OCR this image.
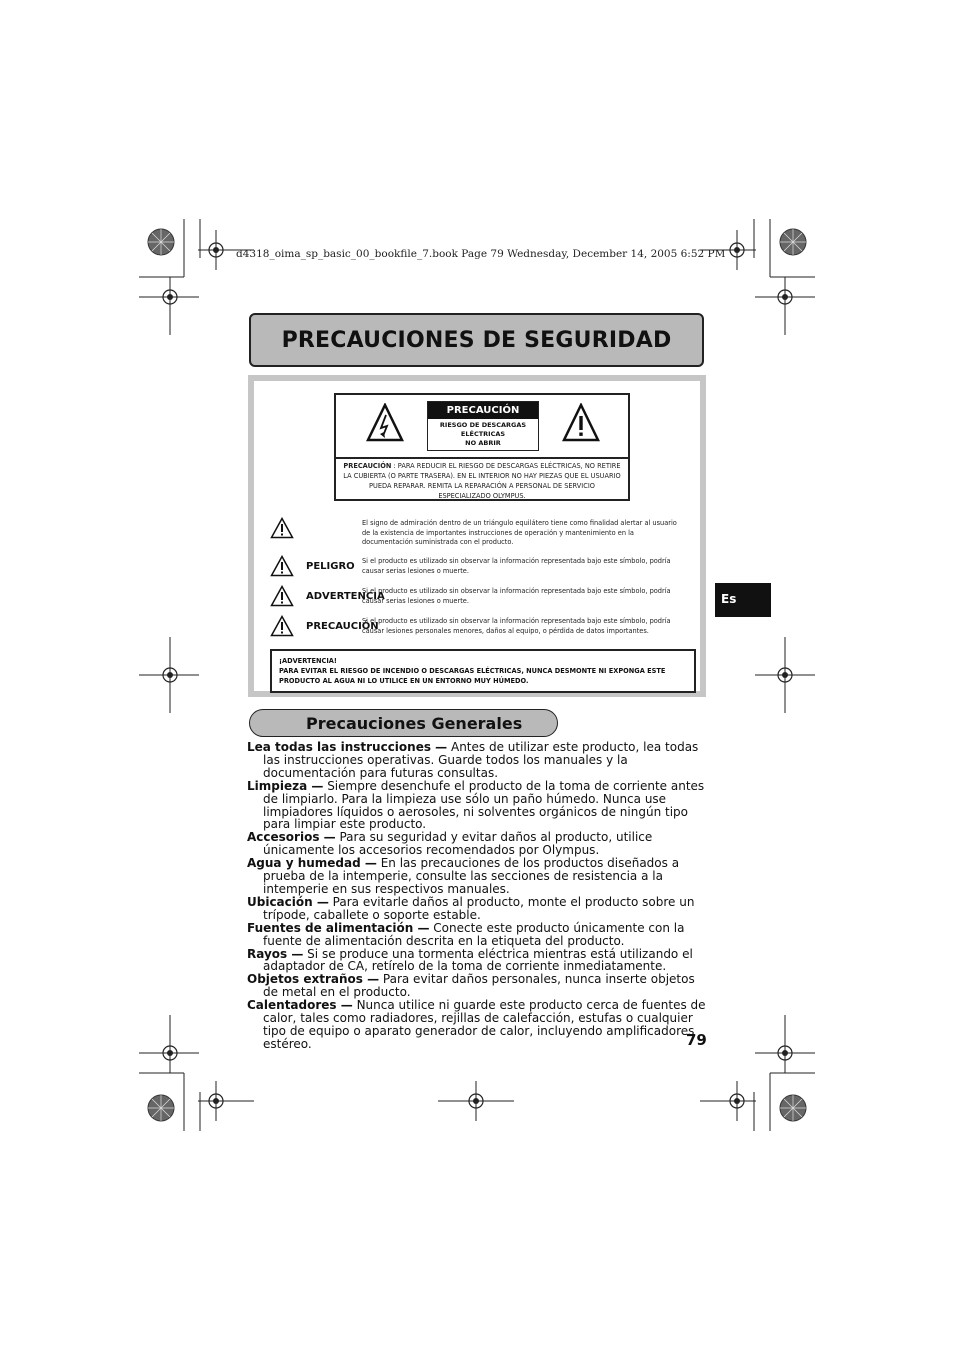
d4318_oima_sp_basic_00_bookfile_7.book Page 79 Wednesday, December 14, 2005 6:52 PM
PRECAUCIONES DE SEGURIDAD
PRECAUCIÓN
RIESGO DE DESCARGAS
ELÉCTRICAS
NO ABRIR
PRECAUCIÓN : PARA REDUCIR EL RIESGO DE DESCARGAS ELÉCTRICAS, NO RETIRE LA CUBIERTA (O PARTE TRASERA). EN EL INTERIOR NO HAY PIEZAS QUE EL USUARIO PUEDA REPARAR. REMITA LA REPARACIÓN A PERSONAL DE SERVICIO ESPECIALIZADO OLYMPUS.
El signo de admiración dentro de un triángulo equilátero tiene como finalidad alertar al usuario de la existencia de importantes instrucciones de operación y mantenimiento en la documentación suministrada con el producto.
PELIGRO Si el producto es utilizado sin observar la información representada bajo este símbolo, podría causar serias lesiones o muerte.
ADVERTENCIA
Si el producto es utilizado sin observar la información representada bajo este símbolo, podría causar serias lesiones o muerte.
PRECAUCIÓN
Si el producto es utilizado sin observar la información representada bajo este símbolo, podría causar lesiones personales menores, daños al equipo, o pérdida de datos importantes.
¡ADVERTENCIA!
PARA EVITAR EL RIESGO DE INCENDIO O DESCARGAS ELÉCTRICAS, NUNCA DESMONTE NI EXPONGA ESTE PRODUCTO AL AGUA NI LO UTILICE EN UN ENTORNO MUY HÚMEDO.
Precauciones Generales

Lea todas las instrucciones — Antes de utilizar este producto, lea todas las instrucciones operativas. Guarde todos los manuales y la documentación para futuras consultas.

Limpieza — Siempre desenchufe el producto de la toma de corriente antes de limpiarlo. Para la limpieza use sólo un paño húmedo. Nunca use limpiadores líquidos o aerosoles, ni solventes orgánicos de ningún tipo para limpiar este producto.

Accesorios — Para su seguridad y evitar daños al producto, utilice únicamente los accesorios recomendados por Olympus.

Agua y humedad — En las precauciones de los productos diseñados a prueba de la intemperie, consulte las secciones de resistencia a la intemperie en sus respectivos manuales.

Ubicación — Para evitarle daños al producto, monte el producto sobre un trípode, caballete o soporte estable.

Fuentes de alimentación — Conecte este producto únicamente con la fuente de alimentación descrita en la etiqueta del producto.

Rayos — Si se produce una tormenta eléctrica mientras está utilizando el adaptador de CA, retírelo de la toma de corriente inmediatamente.

Objetos extraños — Para evitar daños personales, nunca inserte objetos de metal en el producto.

Calentadores — Nunca utilice ni guarde este producto cerca de fuentes de calor, tales como radiadores, rejillas de calefacción, estufas o cualquier tipo de equipo o aparato generador de calor, incluyendo amplificadores estéreo.	79
Es
